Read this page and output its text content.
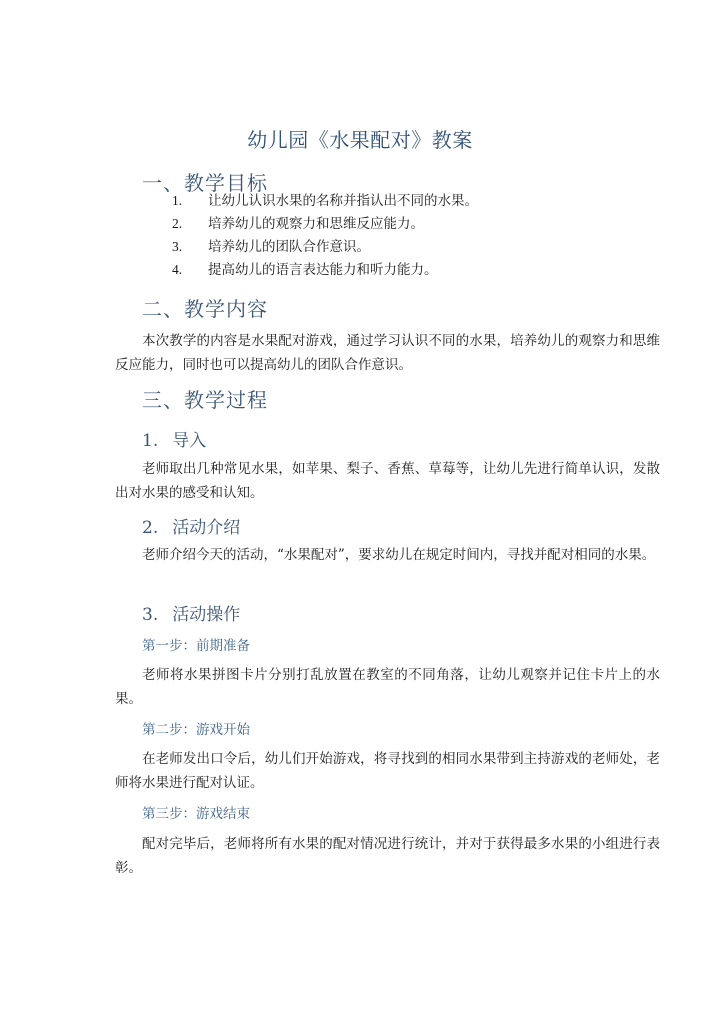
幼儿园《水果配对》教案
一、教学目标
1. 让幼儿认识水果的名称并指认出不同的水果。
2. 培养幼儿的观察力和思维反应能力。
3. 培养幼儿的团队合作意识。
4. 提高幼儿的语言表达能力和听力能力。
二、教学内容

本次教学的内容是水果配对游戏，通过学习认识不同的水果，培养幼儿的观察力和思维反应能力，同时也可以提高幼儿的团队合作意识。

三、教学过程
1. 导入

老师取出几种常见水果，如苹果、梨子、香蕉、草莓等，让幼儿先进行简单认识，发散出对水果的感受和认知。

2. 活动介绍

老师介绍今天的活动，“水果配对”，要求幼儿在规定时间内，寻找并配对相同的水果。

3. 活动操作
第一步：前期准备

老师将水果拼图卡片分别打乱放置在教室的不同角落，让幼儿观察并记住卡片上的水果。

第二步：游戏开始

在老师发出口令后，幼儿们开始游戏，将寻找到的相同水果带到主持游戏的老师处，老师将水果进行配对认证。

第三步：游戏结束

配对完毕后，老师将所有水果的配对情况进行统计，并对于获得最多水果的小组进行表彰。
